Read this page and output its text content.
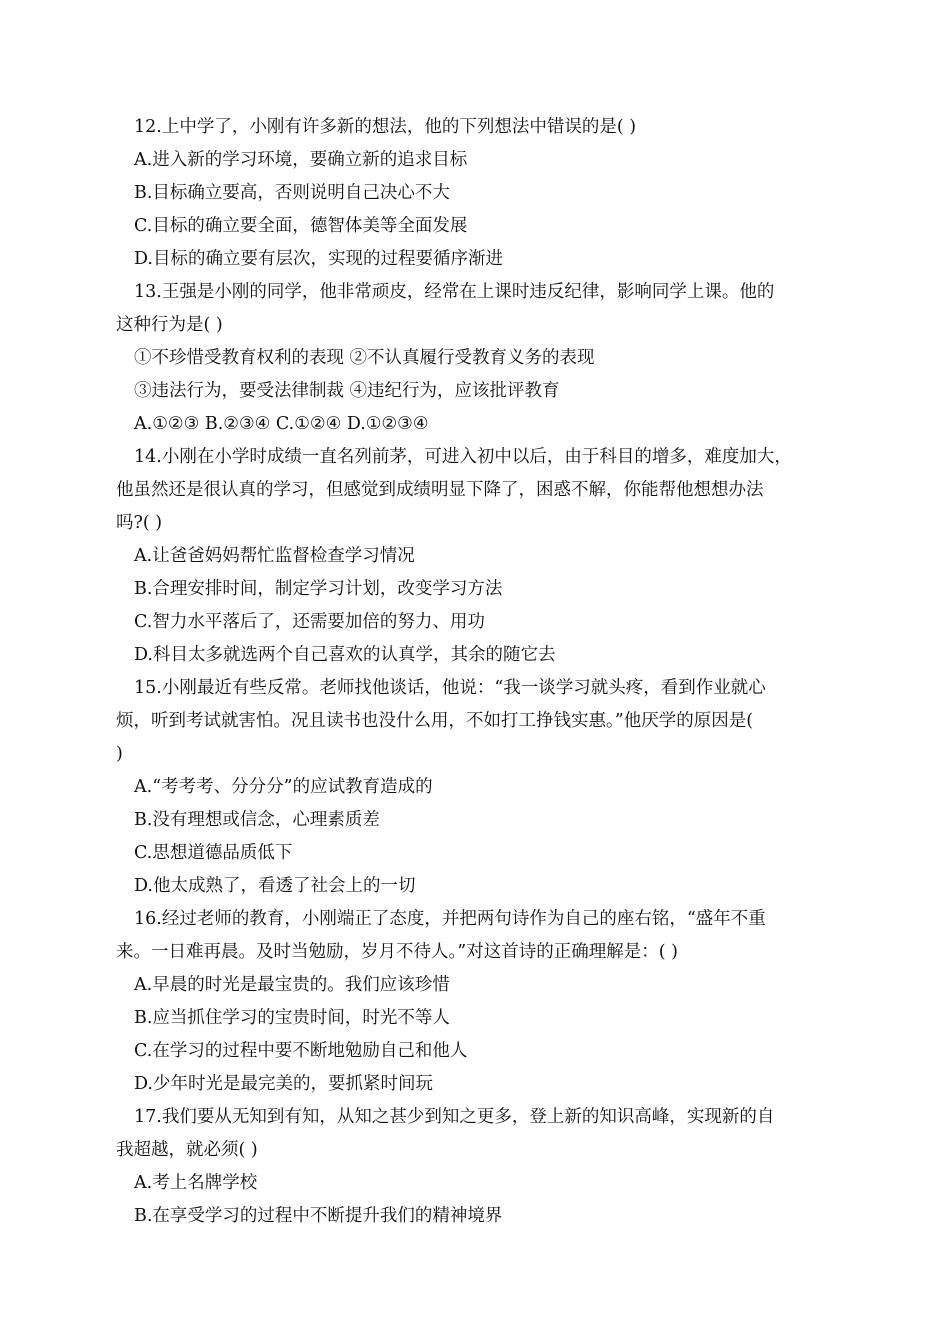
12.上中学了，小刚有许多新的想法，他的下列想法中错误的是( )
A.进入新的学习环境，要确立新的追求目标
B.目标确立要高，否则说明自己决心不大
C.目标的确立要全面，德智体美等全面发展
D.目标的确立要有层次，实现的过程要循序渐进
13.王强是小刚的同学，他非常顽皮，经常在上课时违反纪律，影响同学上课。他的
这种行为是( )
①不珍惜受教育权利的表现 ②不认真履行受教育义务的表现
③违法行为，要受法律制裁 ④违纪行为，应该批评教育
A.①②③ B.②③④ C.①②④ D.①②③④
14.小刚在小学时成绩一直名列前茅，可进入初中以后，由于科目的增多，难度加大，
他虽然还是很认真的学习，但感觉到成绩明显下降了，困惑不解，你能帮他想想办法
吗?( )
A.让爸爸妈妈帮忙监督检查学习情况
B.合理安排时间，制定学习计划，改变学习方法
C.智力水平落后了，还需要加倍的努力、用功
D.科目太多就选两个自己喜欢的认真学，其余的随它去
15.小刚最近有些反常。老师找他谈话，他说：“我一谈学习就头疼，看到作业就心
烦，听到考试就害怕。况且读书也没什么用，不如打工挣钱实惠。”他厌学的原因是(
)
A.“考考考、分分分”的应试教育造成的
B.没有理想或信念，心理素质差
C.思想道德品质低下
D.他太成熟了，看透了社会上的一切
16.经过老师的教育，小刚端正了态度，并把两句诗作为自己的座右铭，“盛年不重
来。一日难再晨。及时当勉励，岁月不待人。”对这首诗的正确理解是：( )
A.早晨的时光是最宝贵的。我们应该珍惜
B.应当抓住学习的宝贵时间，时光不等人
C.在学习的过程中要不断地勉励自己和他人
D.少年时光是最完美的，要抓紧时间玩
17.我们要从无知到有知，从知之甚少到知之更多，登上新的知识高峰，实现新的自
我超越，就必须( )
A.考上名牌学校
B.在享受学习的过程中不断提升我们的精神境界
